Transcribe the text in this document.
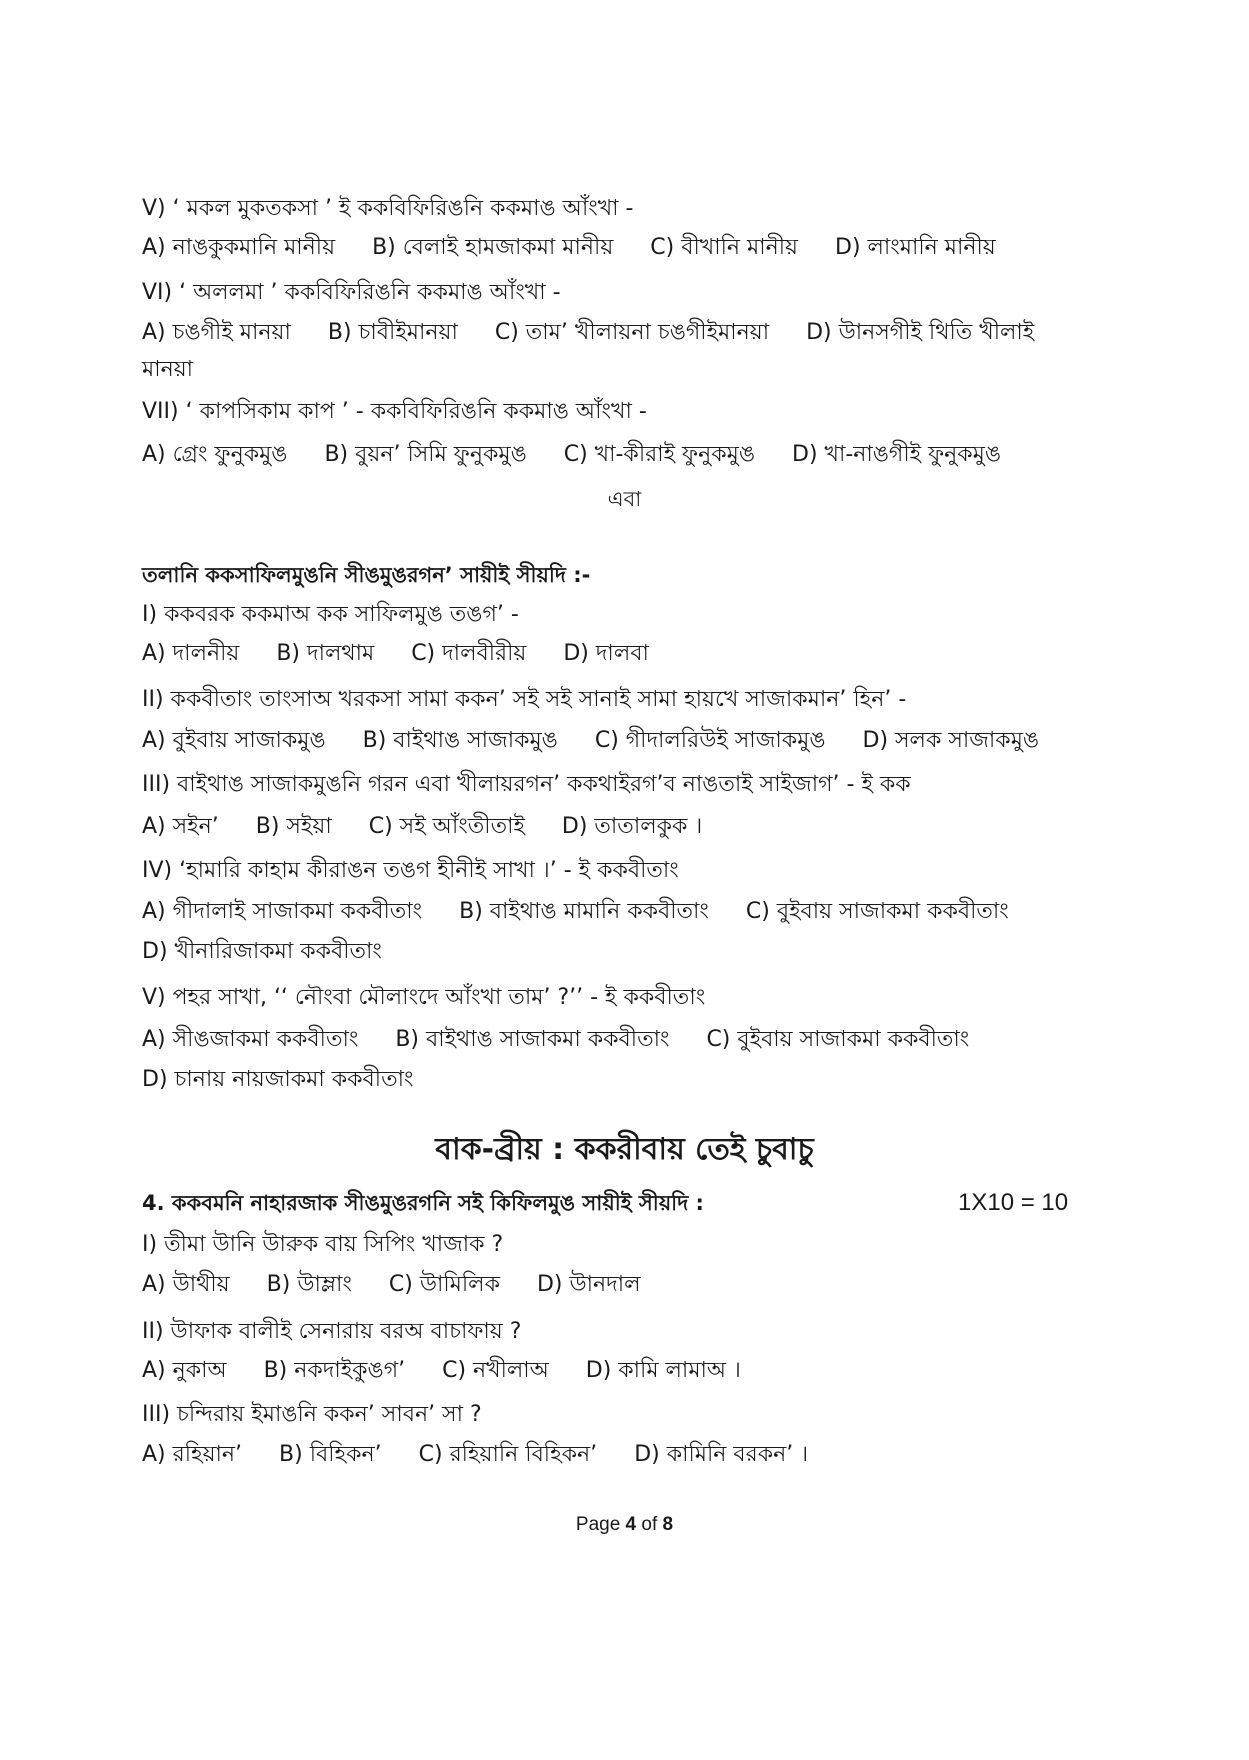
V) ‘ মকল মুকতকসা ’ ই ককবিফিরিঙনি ককমাঙ আঁংখা -
A) নাঙকুকমানি মানীয় B) বেলাই হামজাকমা মানীয় C) বীখানি মানীয় D) লাংমানি মানীয়
VI) ‘ অললমা ’ ককবিফিরিঙনি ককমাঙ আঁংখা -
A) চঙগীই মানয়া B) চাবীইমানয়া C) তাম’ খীলায়না চঙগীইমানয়া D) উানসগীই থিতি খীলাই
মানয়া
VII) ‘ কাপসিকাম কাপ ’ - ককবিফিরিঙনি ককমাঙ আঁংখা -
A) গ্রেং ফুনুকমুঙ B) বুয়ন’ সিমি ফুনুকমুঙ C) খা-কীরাই ফুনুকমুঙ D) খা-নাঙগীই ফুনুকমুঙ
এবা
তলানি ককসাফিলমুঙনি সীঙমুঙরগন’ সায়ীই সীয়দি :-
I) ককবরক ককমাঅ কক সাফিলমুঙ তঙগ’ -
A) দালনীয় B) দালথাম C) দালবীরীয় D) দালবা
II) ককবীতাং তাংসাঅ খরকসা সামা ককন’ সই সই সানাই সামা হায়খে সাজাকমান’ হিন’ -
A) বুইবায় সাজাকমুঙ B) বাইথাঙ সাজাকমুঙ C) গীদালরিউই সাজাকমুঙ D) সলক সাজাকমুঙ
III) বাইথাঙ সাজাকমুঙনি গরন এবা খীলায়রগন’ ককথাইরগ’ব নাঙতাই সাইজাগ’ - ই কক
A) সইন’ B) সইয়া C) সই আঁংতীতাই D) তাতালকুক ।
IV) ‘হামারি কাহাম কীরাঙন তঙগ হীনীই সাখা ।’ - ই ককবীতাং
A) গীদালাই সাজাকমা ককবীতাং B) বাইথাঙ মামানি ককবীতাং C) বুইবায় সাজাকমা ককবীতাং
D) খীনারিজাকমা ককবীতাং
V) পহর সাখা, ‘‘ নৌংবা মৌলাংদে আঁংখা তাম’ ?’’ - ই ককবীতাং
A) সীঙজাকমা ককবীতাং B) বাইথাঙ সাজাকমা ককবীতাং C) বুইবায় সাজাকমা ককবীতাং
D) চানায় নায়জাকমা ককবীতাং
বাক-ব্রীয় : ককরীবায় তেই চুবাচু
4. ককবমনি নাহারজাক সীঙমুঙরগনি সই কিফিলমুঙ সায়ীই সীয়দি :	1X10 = 10
I) তীমা উানি উারুক বায় সিপিং খাজাক ?
A) উাথীয় B) উাম্লাং C) উামিলিক D) উানদাল
II) উাফাক বালীই সেনারায় বরঅ বাচাফায় ?
A) নুকাঅ B) নকদাইকুঙগ’ C) নখীলাঅ D) কামি লামাঅ ।
III) চন্দিরায় ইমাঙনি ককন’ সাবন’ সা ?
A) রহিয়ান’ B) বিহিকন’ C) রহিয়ানি বিহিকন’ D) কামিনি বরকন’ ।
Page 4 of 8
